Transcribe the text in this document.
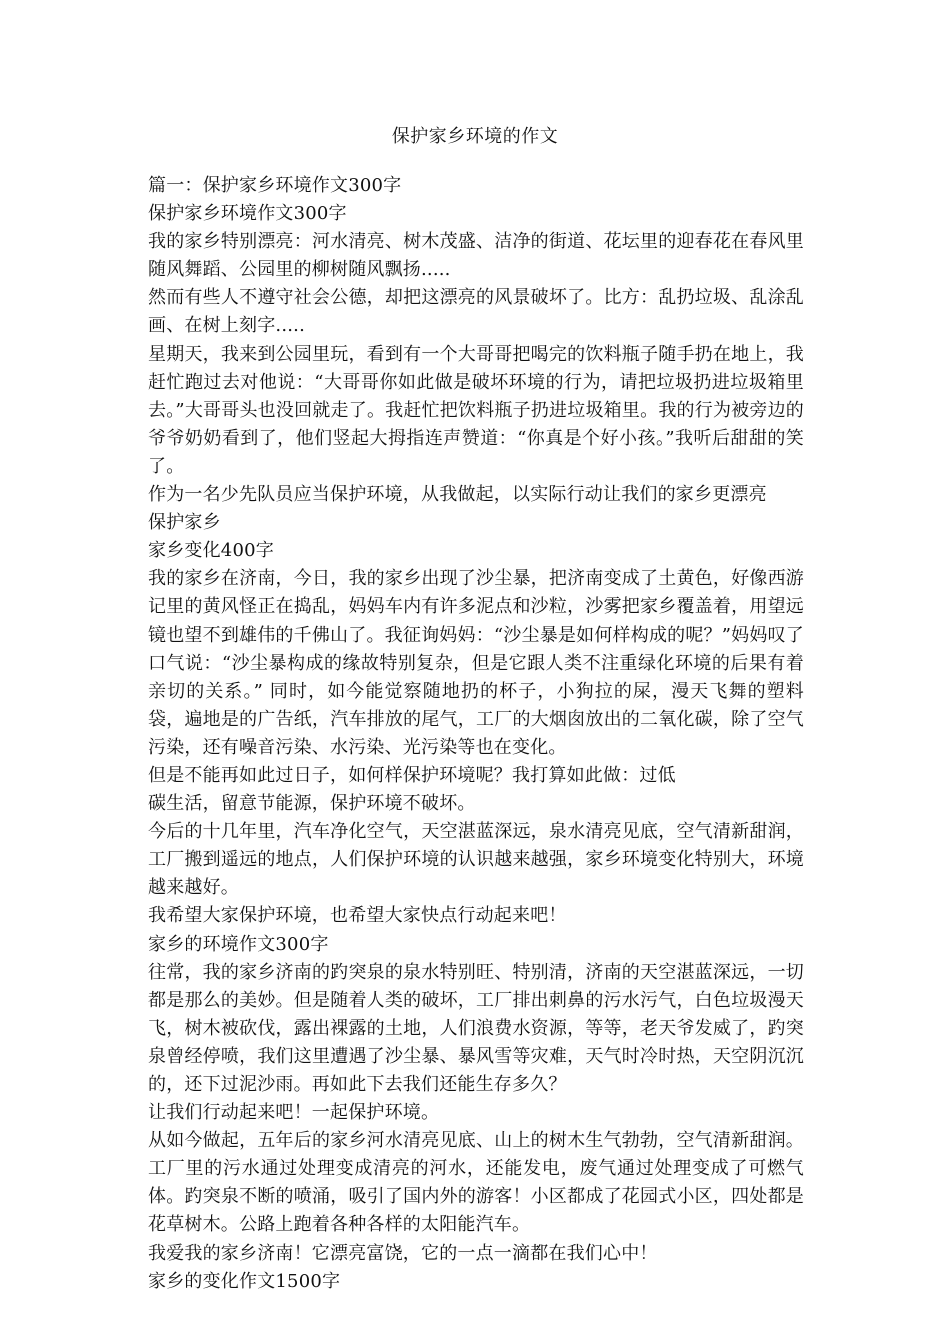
保护家乡环境的作文

篇一：保护家乡环境作文300字

保护家乡环境作文300字

我的家乡特别漂亮：河水清亮、树木茂盛、洁净的街道、花坛里的迎春花在春风里随风舞蹈、公园里的柳树随风飘扬.....

然而有些人不遵守社会公德，却把这漂亮的风景破坏了。比方：乱扔垃圾、乱涂乱画、在树上刻字.....

星期天，我来到公园里玩，看到有一个大哥哥把喝完的饮料瓶子随手扔在地上，我赶忙跑过去对他说：“大哥哥你如此做是破坏环境的行为，请把垃圾扔进垃圾箱里去。”大哥哥头也没回就走了。我赶忙把饮料瓶子扔进垃圾箱里。我的行为被旁边的爷爷奶奶看到了，他们竖起大拇指连声赞道：“你真是个好小孩。”我听后甜甜的笑了。

作为一名少先队员应当保护环境，从我做起，以实际行动让我们的家乡更漂亮

保护家乡

家乡变化400字

我的家乡在济南，今日，我的家乡出现了沙尘暴，把济南变成了土黄色，好像西游记里的黄风怪正在捣乱，妈妈车内有许多泥点和沙粒，沙雾把家乡覆盖着，用望远镜也望不到雄伟的千佛山了。我征询妈妈：“沙尘暴是如何样构成的呢？”妈妈叹了口气说：“沙尘暴构成的缘故特别复杂，但是它跟人类不注重绿化环境的后果有着亲切的关系。” 同时，如今能觉察随地扔的杯子，小狗拉的屎，漫天飞舞的塑料袋，遍地是的广告纸，汽车排放的尾气，工厂的大烟囱放出的二氧化碳，除了空气污染，还有噪音污染、水污染、光污染等也在变化。

但是不能再如此过日子，如何样保护环境呢？我打算如此做：过低

碳生活，留意节能源，保护环境不破坏。

今后的十几年里，汽车净化空气，天空湛蓝深远，泉水清亮见底，空气清新甜润，工厂搬到遥远的地点，人们保护环境的认识越来越强，家乡环境变化特别大，环境越来越好。

我希望大家保护环境，也希望大家快点行动起来吧！

家乡的环境作文300字

往常，我的家乡济南的趵突泉的泉水特别旺、特别清，济南的天空湛蓝深远，一切都是那么的美妙。但是随着人类的破坏，工厂排出刺鼻的污水污气，白色垃圾漫天飞，树木被砍伐，露出裸露的土地，人们浪费水资源，等等，老天爷发威了，趵突泉曾经停喷，我们这里遭遇了沙尘暴、暴风雪等灾难，天气时冷时热，天空阴沉沉的，还下过泥沙雨。再如此下去我们还能生存多久？

让我们行动起来吧！一起保护环境。

从如今做起，五年后的家乡河水清亮见底、山上的树木生气勃勃，空气清新甜润。工厂里的污水通过处理变成清亮的河水，还能发电，废气通过处理变成了可燃气体。趵突泉不断的喷涌，吸引了国内外的游客！小区都成了花园式小区，四处都是花草树木。公路上跑着各种各样的太阳能汽车。

我爱我的家乡济南！它漂亮富饶，它的一点一滴都在我们心中！

家乡的变化作文1500字
